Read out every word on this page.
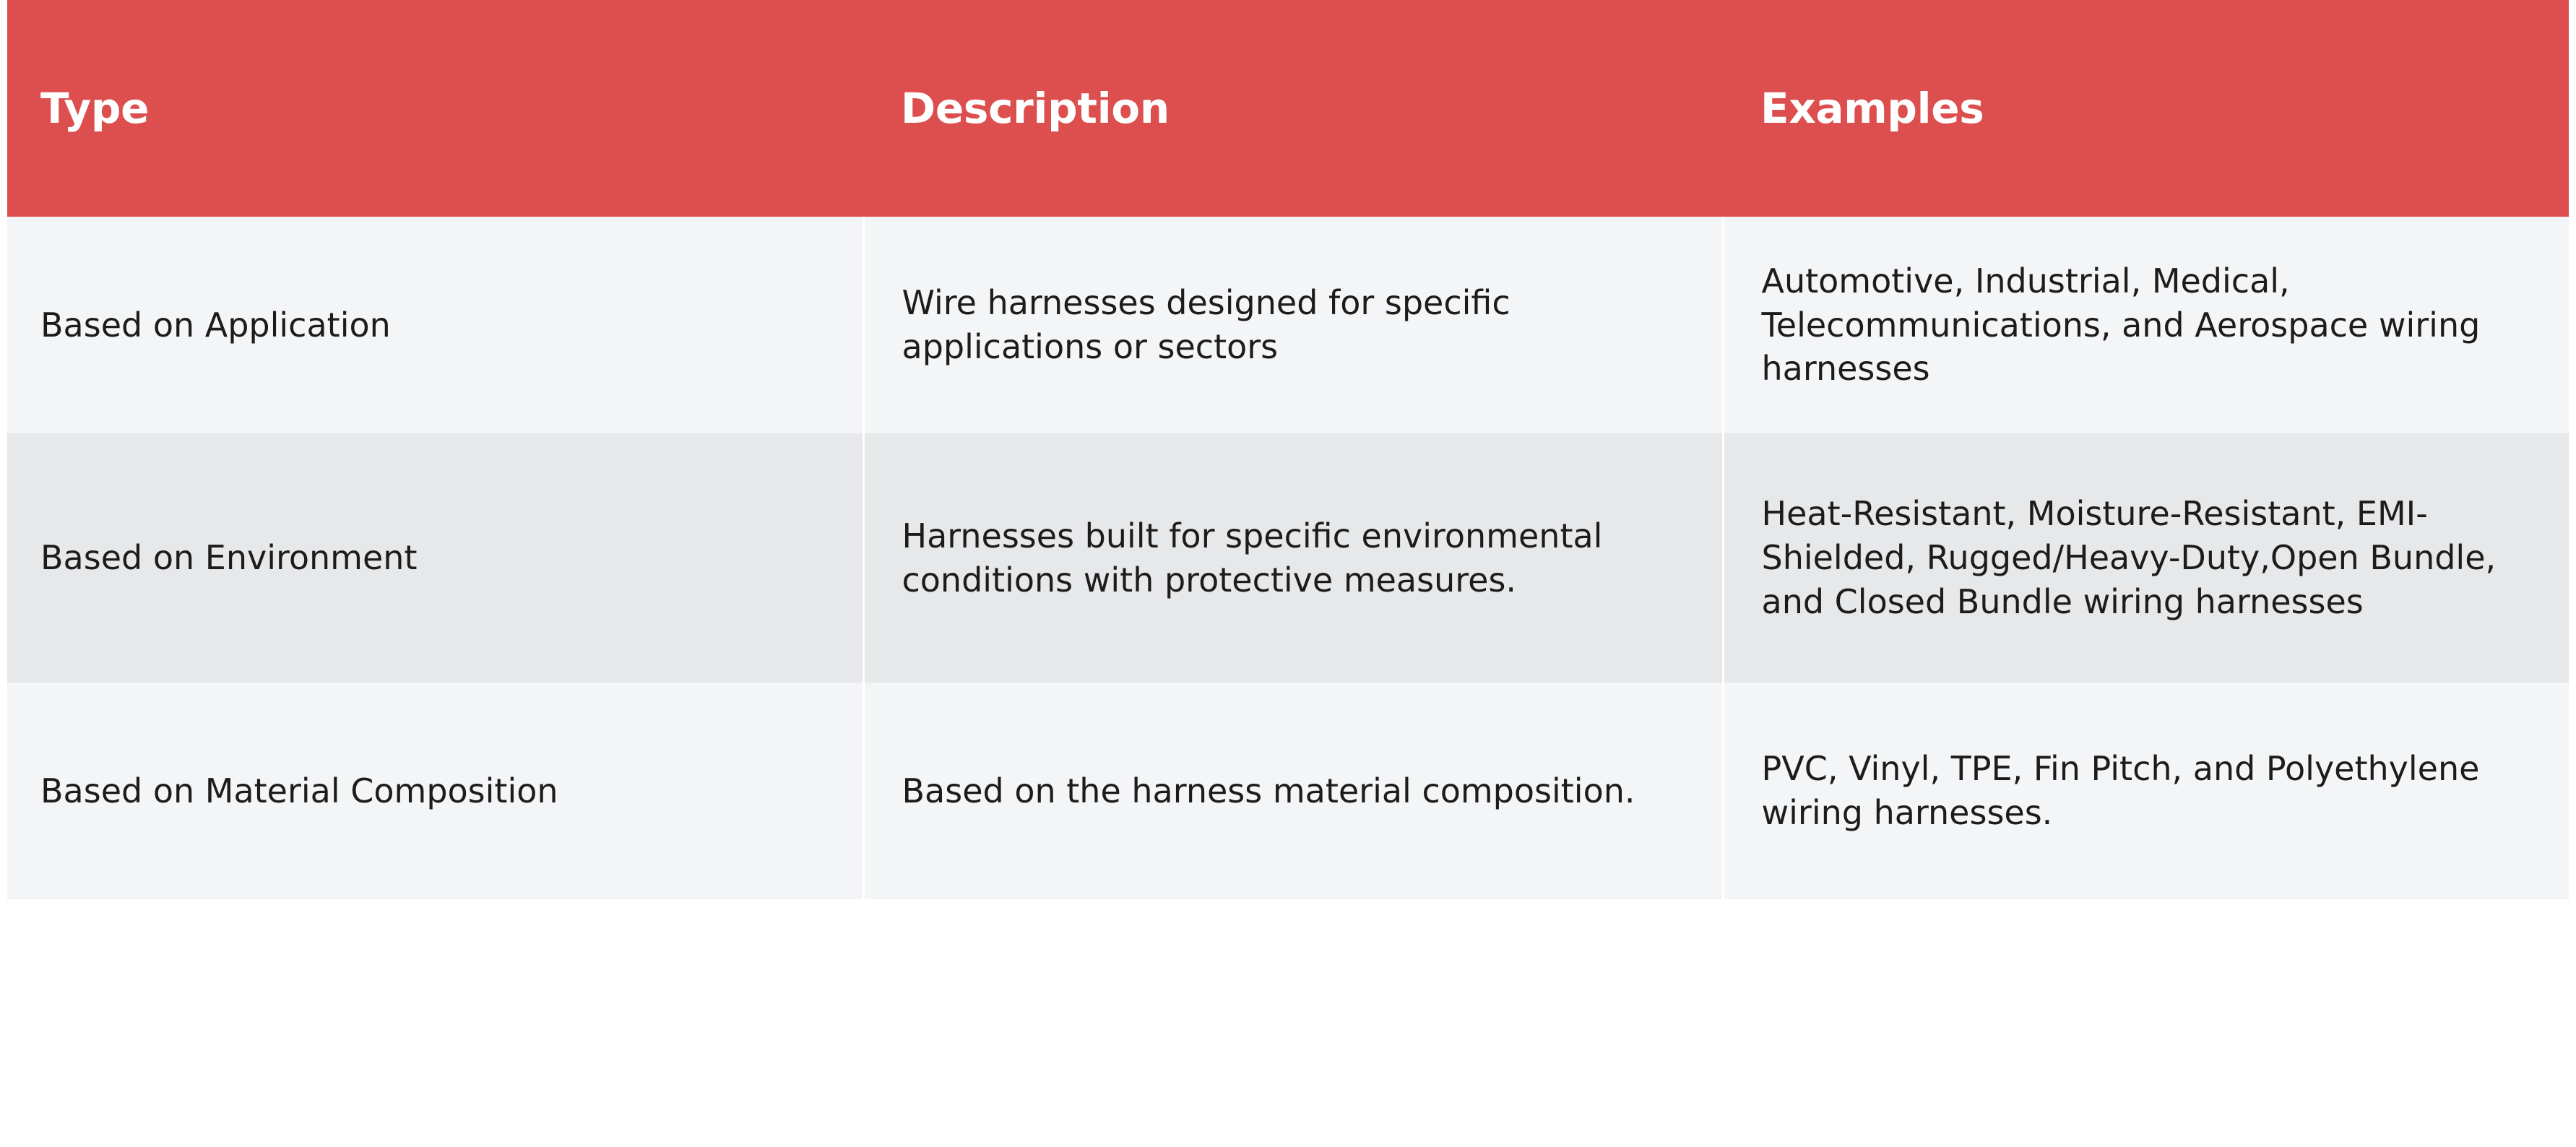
Type	Description	Examples
Based on Application	Wire harnesses designed for specific applications or sectors	Automotive, Industrial, Medical, Telecommunications, and Aerospace wiring harnesses
Based on Environment	Harnesses built for specific environmental conditions with protective measures.	Heat-Resistant, Moisture-Resistant, EMI-Shielded, Rugged/Heavy-Duty,Open Bundle, and Closed Bundle wiring harnesses
Based on Material Composition	Based on the harness material composition.	PVC, Vinyl, TPE, Fin Pitch, and Polyethylene wiring harnesses.
